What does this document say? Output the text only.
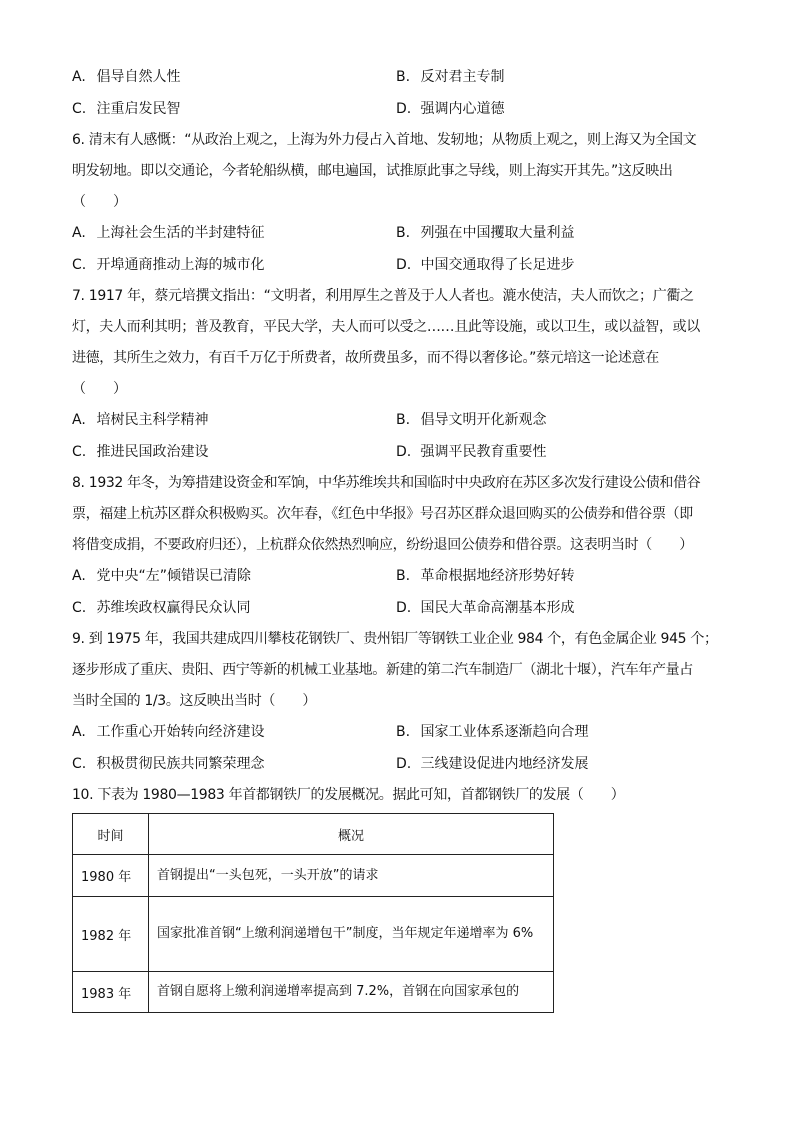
A. 倡导自然人性	B. 反对君主专制
C. 注重启发民智	D. 强调内心道德
6. 清末有人感慨：“从政治上观之，上海为外力侵占入首地、发轫地；从物质上观之，则上海又为全国文
明发轫地。即以交通论，今者轮船纵横，邮电遍国，试推原此事之导线，则上海实开其先。”这反映出
（　　）
A. 上海社会生活的半封建特征	B. 列强在中国攫取大量利益
C. 开埠通商推动上海的城市化	D. 中国交通取得了长足进步
7. 1917 年，蔡元培撰文指出：“文明者，利用厚生之普及于人人者也。漉水使洁，夫人而饮之；广衢之
灯，夫人而利其明；普及教育，平民大学，夫人而可以受之……且此等设施，或以卫生，或以益智，或以
进德，其所生之效力，有百千万亿于所费者，故所费虽多，而不得以奢侈论。”蔡元培这一论述意在
（　　）
A. 培树民主科学精神	B. 倡导文明开化新观念
C. 推进民国政治建设	D. 强调平民教育重要性
8. 1932 年冬，为筹措建设资金和军饷，中华苏维埃共和国临时中央政府在苏区多次发行建设公债和借谷
票，福建上杭苏区群众积极购买。次年春，《红色中华报》号召苏区群众退回购买的公债券和借谷票（即
将借变成捐，不要政府归还），上杭群众依然热烈响应，纷纷退回公债券和借谷票。这表明当时（　　）
A. 党中央“左”倾错误已清除	B. 革命根据地经济形势好转
C. 苏维埃政权赢得民众认同	D. 国民大革命高潮基本形成
9. 到 1975 年，我国共建成四川攀枝花钢铁厂、贵州铝厂等钢铁工业企业 984 个，有色金属企业 945 个；
逐步形成了重庆、贵阳、西宁等新的机械工业基地。新建的第二汽车制造厂（湖北十堰），汽车年产量占
当时全国的 1/3。这反映出当时（　　）
A. 工作重心开始转向经济建设	B. 国家工业体系逐渐趋向合理
C. 积极贯彻民族共同繁荣理念	D. 三线建设促进内地经济发展
10. 下表为 1980—1983 年首都钢铁厂的发展概况。据此可知，首都钢铁厂的发展（　　）
时间	概况
1980 年	首钢提出“一头包死，一头开放”的请求
1982 年	国家批准首钢“上缴利润递增包干”制度，当年规定年递增率为 6%
1983 年	首钢自愿将上缴利润递增率提高到 7.2%，首钢在向国家承包的
